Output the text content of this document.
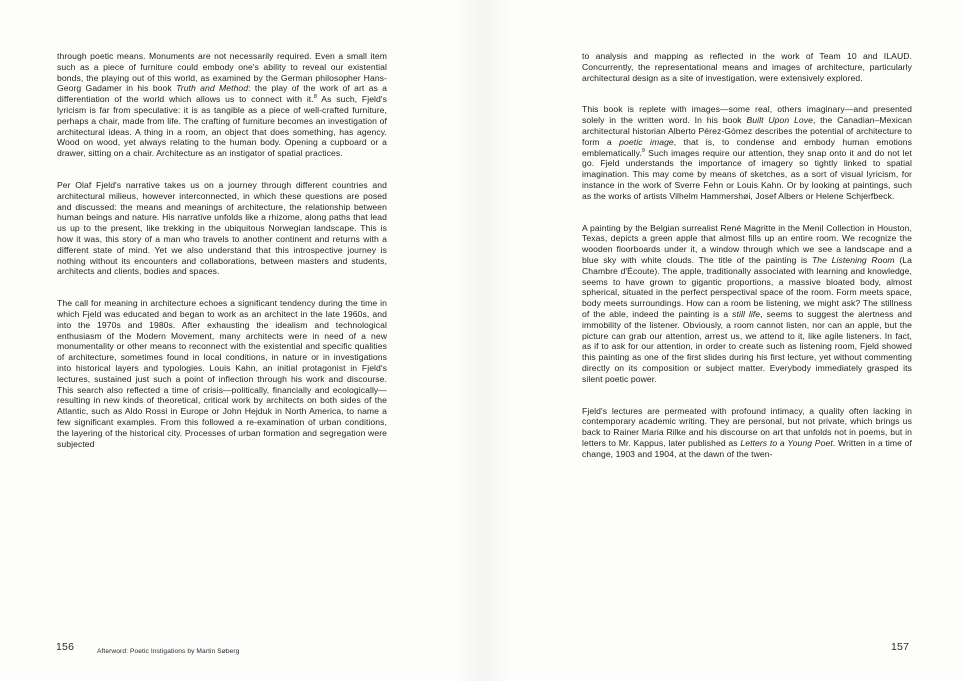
through poetic means. Monuments are not necessarily required. Even a small item such as a piece of furniture could embody one's ability to reveal our existential bonds, the playing out of this world, as examined by the German philosopher Hans-Georg Gadamer in his book Truth and Method: the play of the work of art as a differentiation of the world which allows us to connect with it.$^8$ As such, Fjeld's lyricism is far from speculative: it is as tangible as a piece of well-crafted furniture, perhaps a chair, made from life. The crafting of furniture becomes an investigation of architectural ideas. A thing in a room, an object that does something, has agency. Wood on wood, yet always relating to the human body. Opening a cupboard or a drawer, sitting on a chair. Architecture as an instigator of spatial practices.

Per Olaf Fjeld's narrative takes us on a journey through different countries and architectural milieus, however interconnected, in which these questions are posed and discussed: the means and meanings of architecture, the relationship between human beings and nature. His narrative unfolds like a rhizome, along paths that lead us up to the present, like trekking in the ubiquitous Norwegian landscape. This is how it was, this story of a man who travels to another continent and returns with a different state of mind. Yet we also understand that this introspective journey is nothing without its encounters and collaborations, between masters and students, architects and clients, bodies and spaces.

The call for meaning in architecture echoes a significant tendency during the time in which Fjeld was educated and began to work as an architect in the late 1960s, and into the 1970s and 1980s. After exhausting the idealism and technological enthusiasm of the Modern Movement, many architects were in need of a new monumentality or other means to reconnect with the existential and specific qualities of architecture, sometimes found in local conditions, in nature or in investigations into historical layers and typologies. Louis Kahn, an initial protagonist in Fjeld's lectures, sustained just such a point of inflection through his work and discourse. This search also reflected a time of crisis—politically, financially and ecologically—resulting in new kinds of theoretical, critical work by architects on both sides of the Atlantic, such as Aldo Rossi in Europe or John Hejduk in North America, to name a few significant examples. From this followed a re-examination of urban conditions, the layering of the historical city. Processes of urban formation and segregation were subjected

156	Afterword: Poetic Instigations by Martin Søberg

to analysis and mapping as reflected in the work of Team 10 and ILAUD. Concurrently, the representational means and images of architecture, particularly architectural design as a site of investigation, were extensively explored.

This book is replete with images—some real, others imaginary—and presented solely in the written word. In his book Built Upon Love, the Canadian–Mexican architectural historian Alberto Pérez-Gómez describes the potential of architecture to form a poetic image, that is, to condense and embody human emotions emblematically.$^9$ Such images require our attention, they snap onto it and do not let go. Fjeld understands the importance of imagery so tightly linked to spatial imagination. This may come by means of sketches, as a sort of visual lyricism, for instance in the work of Sverre Fehn or Louis Kahn. Or by looking at paintings, such as the works of artists Vilhelm Hammershøi, Josef Albers or Helene Schjerfbeck.

A painting by the Belgian surrealist René Magritte in the Menil Collection in Houston, Texas, depicts a green apple that almost fills up an entire room. We recognize the wooden floorboards under it, a window through which we see a landscape and a blue sky with white clouds. The title of the painting is The Listening Room (La Chambre d'Écoute). The apple, traditionally associated with learning and knowledge, seems to have grown to gigantic proportions, a massive bloated body, almost spherical, situated in the perfect perspectival space of the room. Form meets space, body meets surroundings. How can a room be listening, we might ask? The stillness of the able, indeed the painting is a still life, seems to suggest the alertness and immobility of the listener. Obviously, a room cannot listen, nor can an apple, but the picture can grab our attention, arrest us, we attend to it, like agile listeners. In fact, as if to ask for our attention, in order to create such as listening room, Fjeld showed this painting as one of the first slides during his first lecture, yet without commenting directly on its composition or subject matter. Everybody immediately grasped its silent poetic power.

Fjeld's lectures are permeated with profound intimacy, a quality often lacking in contemporary academic writing. They are personal, but not private, which brings us back to Rainer Maria Rilke and his discourse on art that unfolds not in poems, but in letters to Mr. Kappus, later published as Letters to a Young Poet. Written in a time of change, 1903 and 1904, at the dawn of the twen-

157
